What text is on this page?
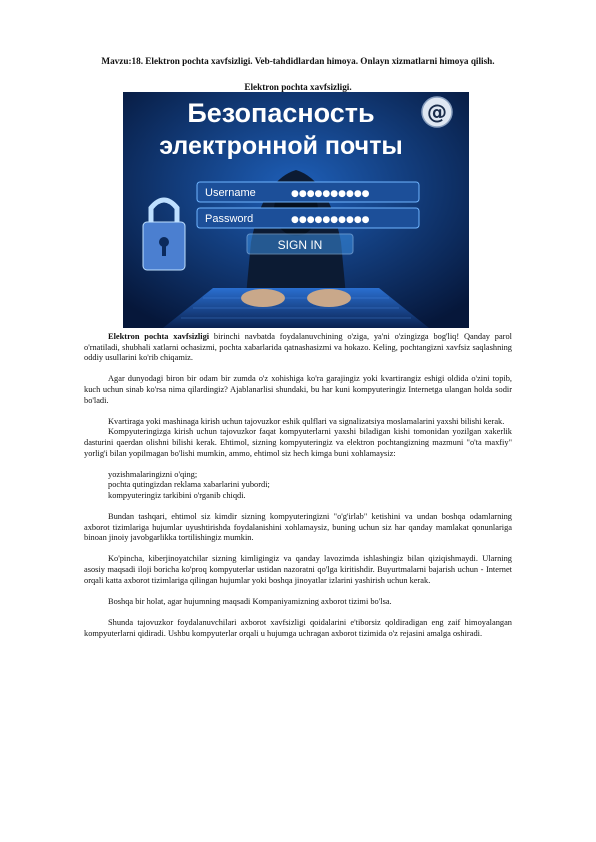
Mavzu:18. Elektron pochta xavfsizligi. Veb-tahdidlardan himoya. Onlayn xizmatlarni himoya qilish.
Elektron pochta xavfsizligi.
Безопасность
электронной почты
@
Username	●●●●●●●●●●
Password	●●●●●●●●●●
SIGN IN

Elektron pochta xavfsizligi birinchi navbatda foydalanuvchining o'ziga, ya'ni o'zingizga bog'liq! Qanday parol o'rnatiladi, shubhali xatlarni ochasizmi, pochta xabarlarida qatnashasizmi va hokazo. Keling, pochtangizni xavfsiz saqlashning oddiy usullarini ko'rib chiqamiz.

Agar dunyodagi biron bir odam bir zumda o'z xohishiga ko'ra garajingiz yoki kvartirangiz eshigi oldida o'zini topib, kuch uchun sinab ko'rsa nima qilardingiz? Ajablanarlisi shundaki, bu har kuni kompyuteringiz Internetga ulangan holda sodir bo'ladi.

Kvartiraga yoki mashinaga kirish uchun tajovuzkor eshik qulflari va signalizatsiya moslamalarini yaxshi bilishi kerak.

Kompyuteringizga kirish uchun tajovuzkor faqat kompyuterlarni yaxshi biladigan kishi tomonidan yozilgan xakerlik dasturini qaerdan olishni bilishi kerak. Ehtimol, sizning kompyuteringiz va elektron pochtangizning mazmuni "o'ta maxfiy" yorlig'i bilan yopilmagan bo'lishi mumkin, ammo, ehtimol siz hech kimga buni xohlamaysiz:

yozishmalaringizni o'qing;

pochta qutingizdan reklama xabarlarini yubordi;

kompyuteringiz tarkibini o'rganib chiqdi.

Bundan tashqari, ehtimol siz kimdir sizning kompyuteringizni "o'g'irlab" ketishini va undan boshqa odamlarning axborot tizimlariga hujumlar uyushtirishda foydalanishini xohlamaysiz, buning uchun siz har qanday mamlakat qonunlariga binoan jinoiy javobgarlikka tortilishingiz mumkin.

Ko'pincha, kiberjinoyatchilar sizning kimligingiz va qanday lavozimda ishlashingiz bilan qiziqishmaydi. Ularning asosiy maqsadi iloji boricha ko'proq kompyuterlar ustidan nazoratni qo'lga kiritishdir. Buyurtmalarni bajarish uchun - Internet orqali katta axborot tizimlariga qilingan hujumlar yoki boshqa jinoyatlar izlarini yashirish uchun kerak.

Boshqa bir holat, agar hujumning maqsadi Kompaniyamizning axborot tizimi bo'lsa.

Shunda tajovuzkor foydalanuvchilari axborot xavfsizligi qoidalarini e'tiborsiz qoldiradigan eng zaif himoyalangan kompyuterlarni qidiradi. Ushbu kompyuterlar orqali u hujumga uchragan axborot tizimida o'z rejasini amalga oshiradi.
